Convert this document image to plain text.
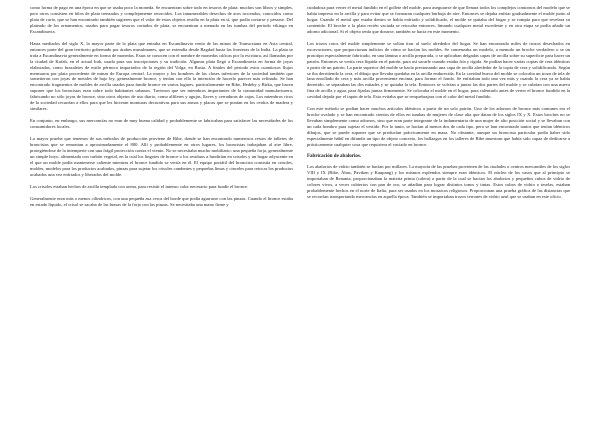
como forma de pago en una época en que se usaba poco la moneda. Se encuentran sobre todo en tesoros de plata: muchos son libros y simples, pero otros consisten en hilos de plata trenzados y complejamente retorcidos. Los innumerables desechos de aros troceados, conocidos como plata de corte, que se han encontrado también sugieren que el valor de estos objetos residía en la plata en sí, que podía cortarse y pesarse. Del plateado de los ornamentos, usados para pagar tesoros cortados de plata, se encuentran a menudo en las tumbas del periodo vikingo en Escandinavia.

Hasta mediados del siglo X, la mayor parte de la plata que entraba en Escandinavia venía de las minas de Transoxiana en Asia central, entonces parte del gran territorio gobernado por árabes musulmanes, que se extendía desde Bagdad hasta las fronteras de la India. La plata se traía a Escandinavia generalmente en forma de monedas. Estas se conocen con el nombre de monedas cúficas por la escritura, así llamadas por la ciudad de Kufah, en el actual Irak, usada para sus inscripciones y su tradición. Algunas plata llegó a Escandinavia en forma de joyas elaboradas, como brazaletes de estilo pérmico importados de la región del Volga, en Rusia. A finales del periodo estos cuantiosos flujos mermaron por plata procedente de minas de Europa central. La mayor y los hombres de las clases inferiores de la sociedad también que sometieron con joyas de metales de bajo ley, generalmente bronce, y tenían con ello la intención de hacerlo parecer más refinado. Se han encontrado fragmentos de moldes de arcilla usados para fundir bronce en varios lugares, particularmente en Ribe, Hedeby y Birka, que hacen suponer que los broncistas eran sobre todo habitantes urbanos. Tuvieron que ser miembros importantes de la comunidad manufacturera, fabricando no sólo joyas de bronce, sino otros objetos de uso diario, como alfileres y agujas, llaves y cerraduras de cajas. Los miembros ricos de la sociedad recurrían a ellos para que les hicieran monturas decorativas para sus armas y placas que se ponían en los cerdos de madera y similares.

En conjunto, en embargo, sus mercancías no eran de muy buena calidad y probablemente se fabricaban para satisfacer las necesidades de los consumidores locales.

La mayor prueba que tenemos de sus métodos de producción proviene de Ribe, donde se han encontrado numerosos restos de talleres de broncistas que se remontan a aproximadamente el 800. Allí y probablemente en otros lugares, los broncistas trabajaban al aire libre, protegiéndose de la intemperie con una frágil protección contra el viento. No se necesitaba mucho mobiliario: una pequeña forja, generalmente un simple hoyo, alimentada con carbón vegetal, en la cual los lingotes de bronce o los residuos a fundirían en crisoles y un hogar adyacente en el que un molde podía mantenerse caliente mientras el bronce fundido se vertía en él. El equipo portátil del broncista consistía en crisoles, moldes, modelos para los productos acabados, pinzas para sujetar los crisoles candentes y pequeñas limas y cinceles para retocar los productos acabados una vez enfriados y liberados del molde.

Los crisoles estaban hechos de arcilla templada con arena, para resistir el intenso calor necesario para fundir el bronce.

Generalmente eran más o menos cilíndricos, con una pequeña asa cerca del borde que podía agarrarse con las pinzas. Cuando el bronce estaba en estado líquido, el crisol se sacaba de las brasas de la forja con las pinzas. Se necesitaba una mano firme y

cuidadosa para verter el metal fundido en el gollete del molde, para asegurarse de que llenara todos los complejos contornos del modelo que se había impreso en la arcilla y para evitar que se formaran cualquier burbuja de aire. Entonces se dejaba enfriar gradualmente el molde junto al hogar. Cuando el metal que estaba dentro se había enfriado y solidificado, el molde se quitaba del hogar y se rompía para que revelara su contenido. El broche o la plata recién vaciada se retocaba entonces, limando cualquier metal excedente y en otra etapa se podía añadir un adorno adicional. Si el objeto tenía que dorarse, también se hacía en este momento.

Los trozos rotos del molde simplemente se solían tirar al suelo alrededor del hogar. Se han encontrado miles de trozos desechados en excavaciones, que proporcionan indicios de cómo se hacían los moldes. Se comenzaba un modelo, a menudo un broche verdadero o se un prototipo especialmente fabricado, en una lámina o arcilla preparada, o se aplicaban delgadas capas de arcilla sobre su superficie para hacer un patrón. Entonces se vertía cera líquida en el patrón, para así sacarle cuando estaba fría y rígida. Se podían hacer varias copias de cera idénticas a partir de un patrón. La parte superior del molde se hacía presionando una capa de arcilla alrededor de la copia de cera y solidificando. Según se iba derritiendo la cera, el dibujo que llevaba quedaba en la arcilla endurecida. En la cavidad hueca del molde se colocaba un trozo de tela de lana enrollado de cera y más arcilla proveniente encima, para formar el fondo. Se enfriaban todo una vez más y cuando la cera ya se había derretido, se separaban las dos mitades y se quitaba la tela. Entonces se volvían a juntar las dos partes del molde y se cubrían con una nueva fina de arcilla y agua, para fijarlas juntas firmemente. Se colocaba el molde en el hogar, para calentarlo antes de verter el bronce fundido en la cavidad dejada por el tapón de tela. Esto evitaba que se resquebrajara con el calor del metal fundido.

Con este método se podían hacer muchos artículos idénticos a partir de un solo patrón. Uno de los adornos de bronce más comunes era el broche ovalado y se han encontrado cientos de ellos en tumbas de mujeres de clase alta que datan de los siglos IX y X. Estos broches no se llevaban simplemente como adornos, sino que eran parte integrante de la indumentaria de una mujer de alto posición social y se llevaban con un cada hombro para sujetar el vestido. Por lo tanto, se hacían al menos dos de cada tipo, pero se han encontrado tantos que tenían idénticos dibujos, que se puede suponer que se producían prácticamente en masa. No obstante, aunque un broncista particular podía haber sido especialmente hábil en difundir un tipo de objeto concreto, los hallazgos en los talleres de Ribe muestran que había sido capaz de dedicarse a prácticamente cualquier cosa que requiriera el vaciado en bronce.

Fabricación de abalorios.

Los abalorios de vidrio también se hacían por millares. La mayoría de las pruebas provienen de las ciudades o centros mercantiles de los siglos VIII y IX (Ribe, Åhus, Paviken y Kaupang) y los mismos esplendos siempre eran idénticos. El núcleo de los vasos que al principio se importaban de Renania, proporcionaban la materia prima (calera) a partir de la cual se hacían los abalorios y pequeños cubos de vidrio de colores vivos, a veces cubiertos con pan de oro, se añadían para lograr distintos tonos y tintas. Estos cubos de vidrio o teselas, estaban probablemente hechos en el norte de Italia, para ser usados en los mosaicos religiosos. Proporcionan una prueba gráfica de las distancias que se recorrían transportando mercancías en aquella época. También se importaban trozos terrones de vidrio azul que se usaban en este oficio.
